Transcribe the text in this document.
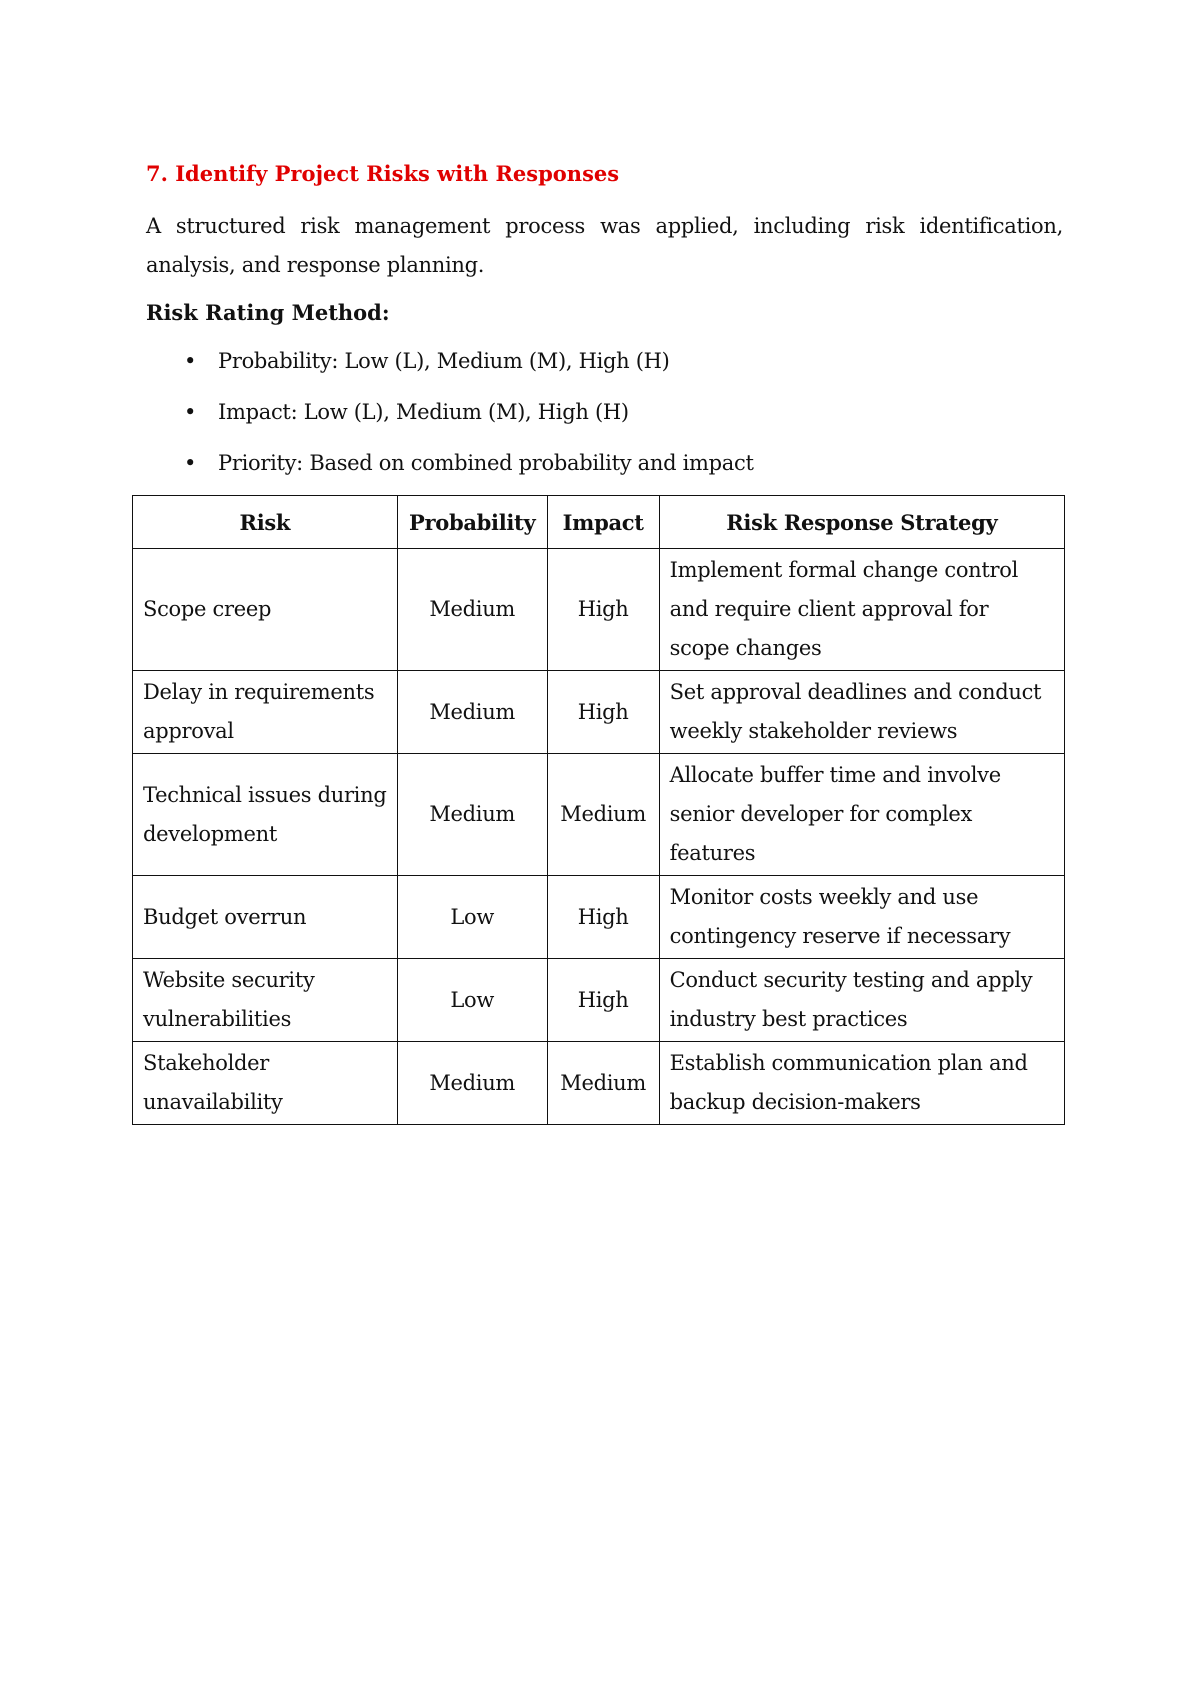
7. Identify Project Risks with Responses

A structured risk management process was applied, including risk identification, analysis, and response planning.

Risk Rating Method:

• Probability: Low (L), Medium (M), High (H)
• Impact: Low (L), Medium (M), High (H)
• Priority: Based on combined probability and impact
Risk	Probability	Impact	Risk Response Strategy
Scope creep	Medium	High	Implement formal change control and require client approval for scope changes
Delay in requirements approval	Medium	High	Set approval deadlines and conduct weekly stakeholder reviews
Technical issues during development	Medium	Medium	Allocate buffer time and involve senior developer for complex features
Budget overrun	Low	High	Monitor costs weekly and use contingency reserve if necessary
Website security vulnerabilities	Low	High	Conduct security testing and apply industry best practices
Stakeholder unavailability	Medium	Medium	Establish communication plan and backup decision-makers
